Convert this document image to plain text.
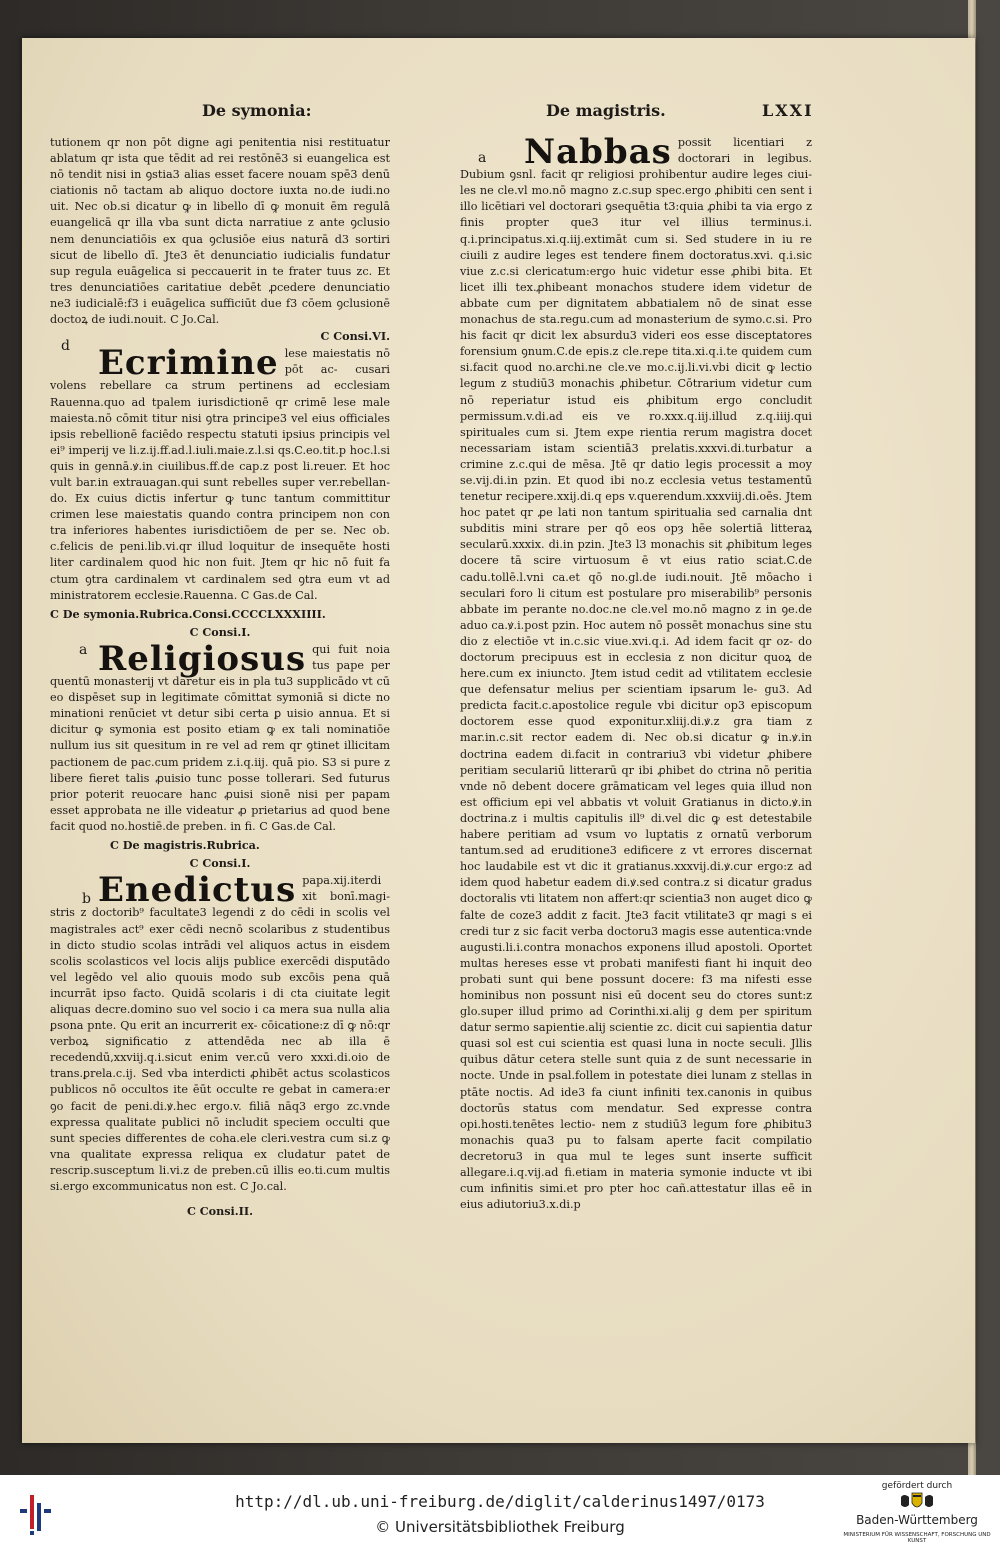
De symonia:	De magistris.	LXXI
d
a
b
a
tutionem qr non pōt digne agi penitentia nisi restituatur ablatum qr ista que tēdit ad rei restōnē3 si euangelica est nō tendit nisi in ꝯstia3 alias esset facere nouam spē3 denū ciationis nō tactam ab aliquo doctore iuxta no.de iudi.no uit. Nec ob.si dicatur ꝙ in libello dī ꝙ monuit ēm regulā euangelicā qr illa vba sunt dicta narratiue z ante ꝯclusio nem denunciatiōis ex qua ꝯclusiōe eius naturā d3 sortiri sicut de libello dī. Jte3 ēt denunciatio iudicialis fundatur sup regula euāgelica si peccauerit in te frater tuus zc. Et tres denunciatiōes caritatiue debēt ꝓcedere denunciatio ne3 iudicialē:f3 i euāgelica sufficiūt due f3 cōem ꝯclusionē doctoꝝ de iudi.nouit. C Jo.Cal.
C Consi.VI.
Ecrimine lese maiestatis nō pōt ac- cusari volens rebellare ca strum pertinens ad ecclesiam Rauenna.quo ad tpalem iurisdictionē qr crimē lese male maiesta.nō cōmit titur nisi ꝯtra principe3 vel eius officiales ipsis rebellionē faciēdo respectu statuti ipsius principis vel ei⁹ imperij ve li.z.ij.ff.ad.l.iuli.maie.z.l.si qs.C.eo.tit.p hoc.l.si quis in gennā.ꝟ.in ciuilibus.ff.de cap.z post li.reuer. Et hoc vult bar.in extrauagan.qui sunt rebelles super ver.rebellan- do. Ex cuius dictis infertur ꝙ tunc tantum committitur crimen lese maiestatis quando contra principem non con tra inferiores habentes iurisdictiōem de per se. Nec ob. c.felicis de peni.lib.vi.qr illud loquitur de insequēte hosti liter cardinalem quod hic non fuit. Jtem qr hic nō fuit fa ctum ꝯtra cardinalem vt cardinalem sed ꝯtra eum vt ad ministratorem ecclesie.Rauenna. C Gas.de Cal.
C De symonia.Rubrica.Consi.CCCCLXXXIIII.
C Consi.I.
Religiosus qui fuit noia tus pape per quentū monasterij vt daretur eis in pla tu3 supplicādo vt cū eo dispēset sup in legitimate cōmittat symoniā si dicte no minationi renūciet vt detur sibi certa ꝑ uisio annua. Et si dicitur ꝙ symonia est posito etiam ꝙ ex tali nominatiōe nullum ius sit quesitum in re vel ad rem qr ꝯtinet illicitam pactionem de pac.cum pridem z.i.q.iij. quā pio. S3 si pure z libere fieret talis ꝓuisio tunc posse tollerari. Sed futurus prior poterit reuocare hanc ꝓuisi sionē nisi per papam esset approbata ne ille videatur ꝓ prietarius ad quod bene facit quod no.hostiē.de preben. in fi. C Gas.de Cal.
C De magistris.Rubrica.
C Consi.I.
Enedictus papa.xij.iterdi xit bonī.magi- stris z doctorib⁹ facultate3 legendi z do cēdi in scolis vel magistrales act⁹ exer cēdi necnō scolaribus z studentibus in dicto studio scolas intrādi vel aliquos actus in eisdem scolis scolasticos vel locis alijs publice exercēdi disputādo vel legēdo vel alio quouis modo sub excōis pena quā incurrāt ipso facto. Quidā scolaris i di cta ciuitate legit aliquas decre.domino suo vel socio i ca mera sua nulla alia ꝑsona pnte. Qu erit an incurrerit ex- cōicatione:z dī ꝙ nō:qr verboꝝ significatio z attendēda nec ab illa ē recedendū,xxviij.q.i.sicut enim ver.cū vero xxxi.di.oio de trans.ꝑrela.c.ij. Sed vba interdicti ꝓhibēt actus scolasticos publicos nō occultos ite ēūt occulte re gebat in camera:er ꝯo facit de peni.di.ꝟ.hec ergo.v. filiā nāq3 ergo zc.vnde expressa qualitate publici nō includit speciem occulti que sunt species differentes de coha.ele cleri.vestra cum si.z ꝙ vna qualitate expressa reliqua ex cludatur patet de rescrip.susceptum li.vi.z de preben.cū illis eo.ti.cum multis si.ergo excommunicatus non est. C Jo.cal.
C Consi.II.
Nabbas possit licentiari z doctorari in legibus. Dubium ꝯsnl. facit qr religiosi prohibentur audire leges ciui- les ne cle.vl mo.nō magno z.c.sup spec.ergo ꝓhibiti cen sent i illo licētiari vel doctorari ꝯsequētia t3:quia ꝓhibi ta via ergo z finis propter que3 itur vel illius terminus.i. q.i.principatus.xi.q.iij.extimāt cum si. Sed studere in iu re ciuili z audire leges est tendere finem doctoratus.xvi. q.i.sic viue z.c.si clericatum:ergo huic videtur esse ꝓhibi bita. Et licet illi tex.ꝓhibeant monachos studere idem videtur de abbate cum per dignitatem abbatialem nō de sinat esse monachus de sta.regu.cum ad monasterium de symo.c.si. Pro his facit qr dicit lex absurdu3 videri eos esse disceptatores forensium ꝯnum.C.de epis.z cle.repe tita.xi.q.i.te quidem cum si.facit quod no.archi.ne cle.ve mo.c.ij.li.vi.vbi dicit ꝙ lectio legum z studiū3 monachis ꝓhibetur. Cōtrarium videtur cum nō reperiatur istud eis ꝓhibitum ergo concludit permissum.v.di.ad eis ve ro.xxx.q.iij.illud z.q.iiij.qui spirituales cum si. Jtem expe rientia rerum magistra docet necessariam istam scientiā3 prelatis.xxxvi.di.turbatur a crimine z.c.qui de mēsa. Jtē qr datio legis processit a moy se.vij.di.in pzin. Et quod ibi no.z ecclesia vetus testamentū tenetur recipere.xxij.di.q eps v.querendum.xxxviij.di.oēs. Jtem hoc patet qr ꝓe lati non tantum spiritualia sed carnalia dnt subditis mini strare per qō eos opȝ hēe solertiā litteraꝝ secularū.xxxix. di.in pzin. Jte3 l3 monachis sit ꝓhibitum leges docere tā scire virtuosum ē vt eius ratio sciat.C.de cadu.tollē.l.vni ca.et qō no.gl.de iudi.nouit. Jtē mōacho i seculari foro li citum est postulare pro miserabilib⁹ personis abbate im perante no.doc.ne cle.vel mo.nō magno z in ꝯe.de aduo ca.ꝟ.i.post pzin. Hoc autem nō possēt monachus sine stu dio z electiōe vt in.c.sic viue.xvi.q.i. Ad idem facit qr oz- do doctorum precipuus est in ecclesia z non dicitur quoꝝ de here.cum ex iniuncto. Jtem istud cedit ad vtilitatem ecclesie que defensatur melius per scientiam ipsarum le- gu3. Ad predicta facit.c.apostolice regule vbi dicitur op3 episcopum doctorem esse quod exponitur.xliij.di.ꝟ.z gra tiam z mar.in.c.sit rector eadem di. Nec ob.si dicatur ꝙ in.ꝟ.in doctrina eadem di.facit in contrariu3 vbi videtur ꝓhibere peritiam seculariū litterarū qr ibi ꝓhibet do ctrina nō peritia vnde nō debent docere grāmaticam vel leges quia illud non est officium epi vel abbatis vt voluit Gratianus in dicto.ꝟ.in doctrina.z i multis capitulis ill⁹ di.vel dic ꝙ est detestabile habere peritiam ad vsum vo luptatis z ornatū verborum tantum.sed ad eruditione3 edificere z vt errores discernat hoc laudabile est vt dic it gratianus.xxxvij.di.ꝟ.cur ergo:z ad idem quod habetur eadem di.ꝟ.sed contra.z si dicatur gradus doctoralis vti litatem non affert:qr scientia3 non auget dico ꝙ falte de coze3 addit z facit. Jte3 facit vtilitate3 qr magi s ei credi tur z sic facit verba doctoru3 magis esse autentica:vnde augusti.li.i.contra monachos exponens illud apostoli. Oportet multas hereses esse vt probati manifesti fiant hi inquit deo probati sunt qui bene possunt docere: f3 ma nifesti esse hominibus non possunt nisi eū docent seu do ctores sunt:z glo.super illud primo ad Corinthi.xi.alij g dem per spiritum datur sermo sapientie.alij scientie zc. dicit cui sapientia datur quasi sol est cui scientia est quasi luna in nocte seculi. Jllis quibus dātur cetera stelle sunt quia z de sunt necessarie in nocte. Unde in psal.follem in potestate diei lunam z stellas in ptāte noctis. Ad ide3 fa ciunt infiniti tex.canonis in quibus doctorūs status com mendatur. Sed expresse contra opi.hosti.tenētes lectio- nem z studiū3 legum fore ꝓhibitu3 monachis qua3 pu to falsam aperte facit compilatio decretoru3 in qua mul te leges sunt inserte sufficit allegare.i.q.vij.ad fi.etiam in materia symonie inducte vt ibi cum infinitis simi.et pro pter hoc cañ.attestatur illas eē in eius adiutoriu3.x.di.p
http://dl.ub.uni-freiburg.de/diglit/calderinus1497/0173
© Universitätsbibliothek Freiburg
gefördert durch
Baden-Württemberg
MINISTERIUM FÜR WISSENSCHAFT, FORSCHUNG UND KUNST
